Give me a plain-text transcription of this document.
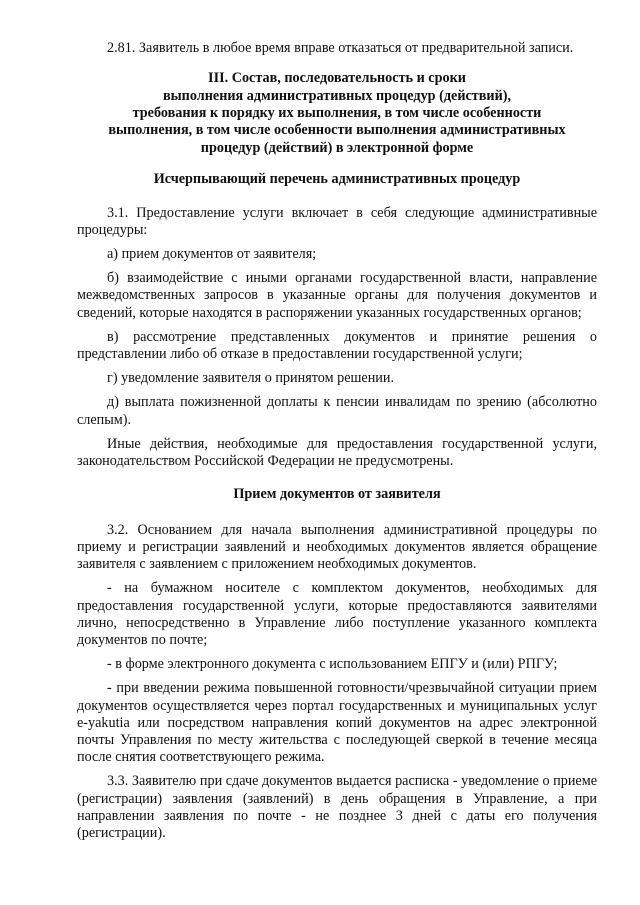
2.81. Заявитель в любое время вправе отказаться от предварительной записи.

III. Состав, последовательность и сроки
выполнения административных процедур (действий),
требования к порядку их выполнения, в том числе особенности
выполнения, в том числе особенности выполнения административных
процедур (действий) в электронной форме
Исчерпывающий перечень административных процедур

3.1. Предоставление услуги включает в себя следующие административные процедуры:

а) прием документов от заявителя;

б) взаимодействие с иными органами государственной власти, направление межведомственных запросов в указанные органы для получения документов и сведений, которые находятся в распоряжении указанных государственных органов;

в) рассмотрение представленных документов и принятие решения о представлении либо об отказе в предоставлении государственной услуги;

г) уведомление заявителя о принятом решении.

д) выплата пожизненной доплаты к пенсии инвалидам по зрению (абсолютно слепым).

Иные действия, необходимые для предоставления государственной услуги, законодательством Российской Федерации не предусмотрены.

Прием документов от заявителя

3.2. Основанием для начала выполнения административной процедуры по приему и регистрации заявлений и необходимых документов является обращение заявителя с заявлением с приложением необходимых документов.

- на бумажном носителе с комплектом документов, необходимых для предоставления государственной услуги, которые предоставляются заявителями лично, непосредственно в Управление либо поступление указанного комплекта документов по почте;

- в форме электронного документа с использованием ЕПГУ и (или) РПГУ;

- при введении режима повышенной готовности/чрезвычайной ситуации прием документов осуществляется через портал государственных и муниципальных услуг e-yakutia или посредством направления копий документов на адрес электронной почты Управления по месту жительства с последующей сверкой в течение месяца после снятия соответствующего режима.

3.3. Заявителю при сдаче документов выдается расписка - уведомление о приеме (регистрации) заявления (заявлений) в день обращения в Управление, а при направлении заявления по почте - не позднее 3 дней с даты его получения (регистрации).
